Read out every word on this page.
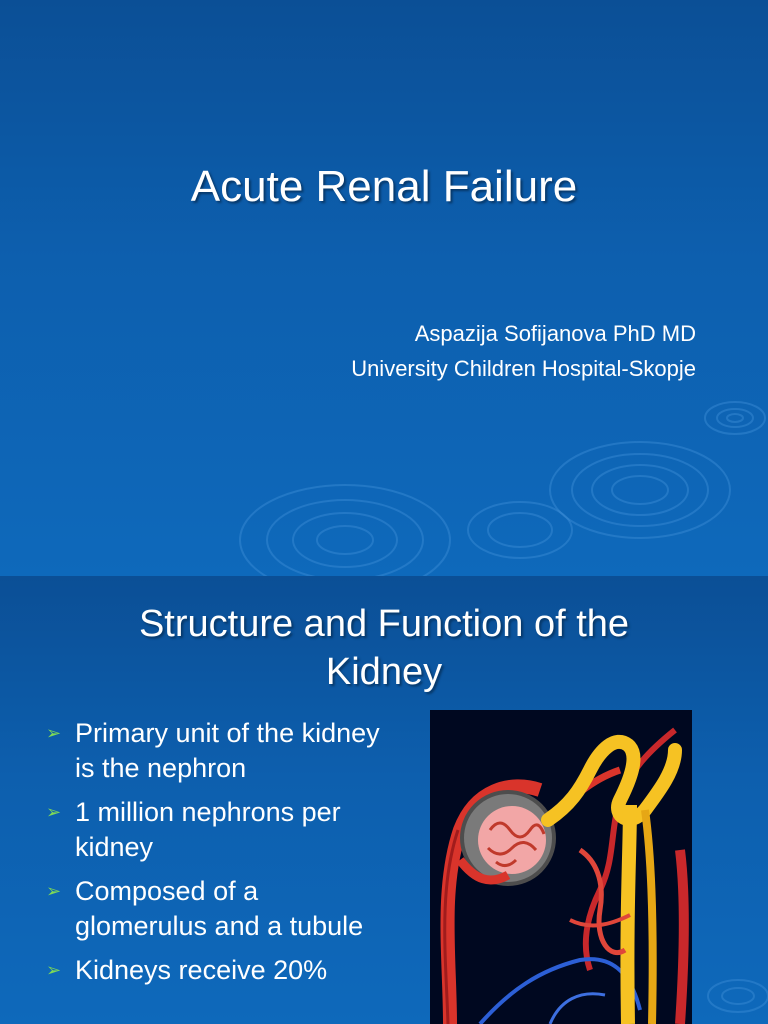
Acute Renal Failure
Aspazija Sofijanova PhD MD
University Children Hospital-Skopje
Structure and Function of the
Kidney
➢ Primary unit of the kidney is the nephron
➢ 1 million nephrons per kidney
➢ Composed of a glomerulus and a tubule
➢ Kidneys receive 20%
